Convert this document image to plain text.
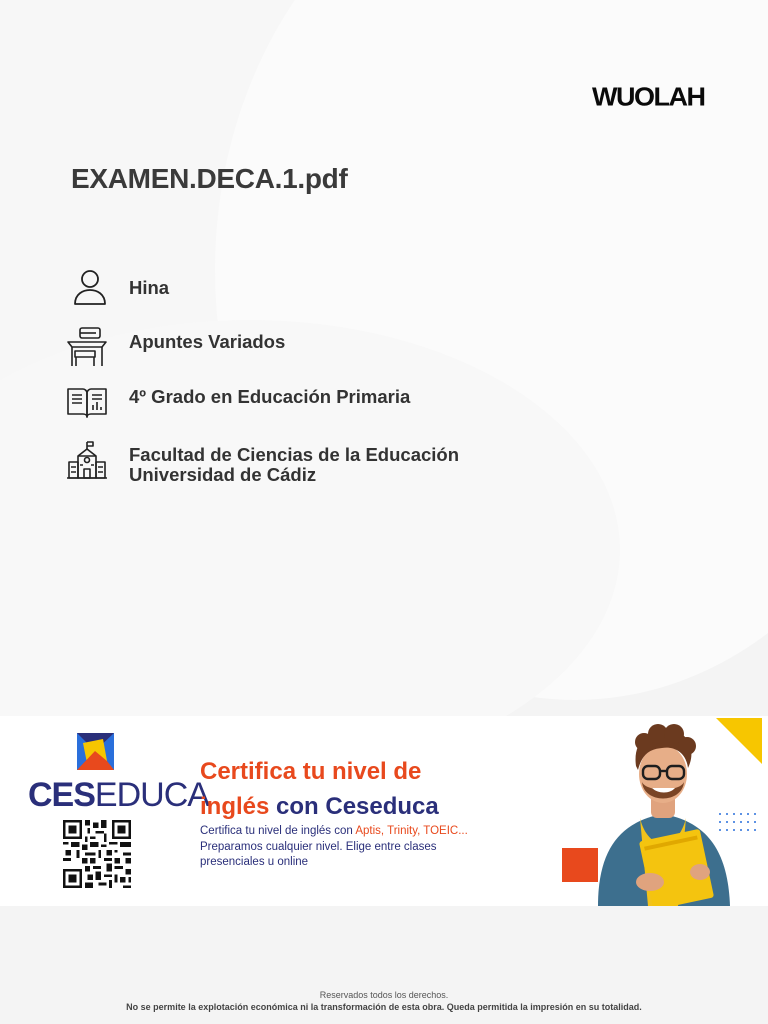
WUOLAH
EXAMEN.DECA.1.pdf
Hina
Apuntes Variados
4º Grado en Educación Primaria
Facultad de Ciencias de la Educación
Universidad de Cádiz
CESEDUCA
Certifica tu nivel de
inglés con Ceseduca
Certifica tu nivel de inglés con Aptis, Trinity, TOEIC...
Preparamos cualquier nivel. Elige entre clases
presenciales u online
Reservados todos los derechos.
No se permite la explotación económica ni la transformación de esta obra. Queda permitida la impresión en su totalidad.
